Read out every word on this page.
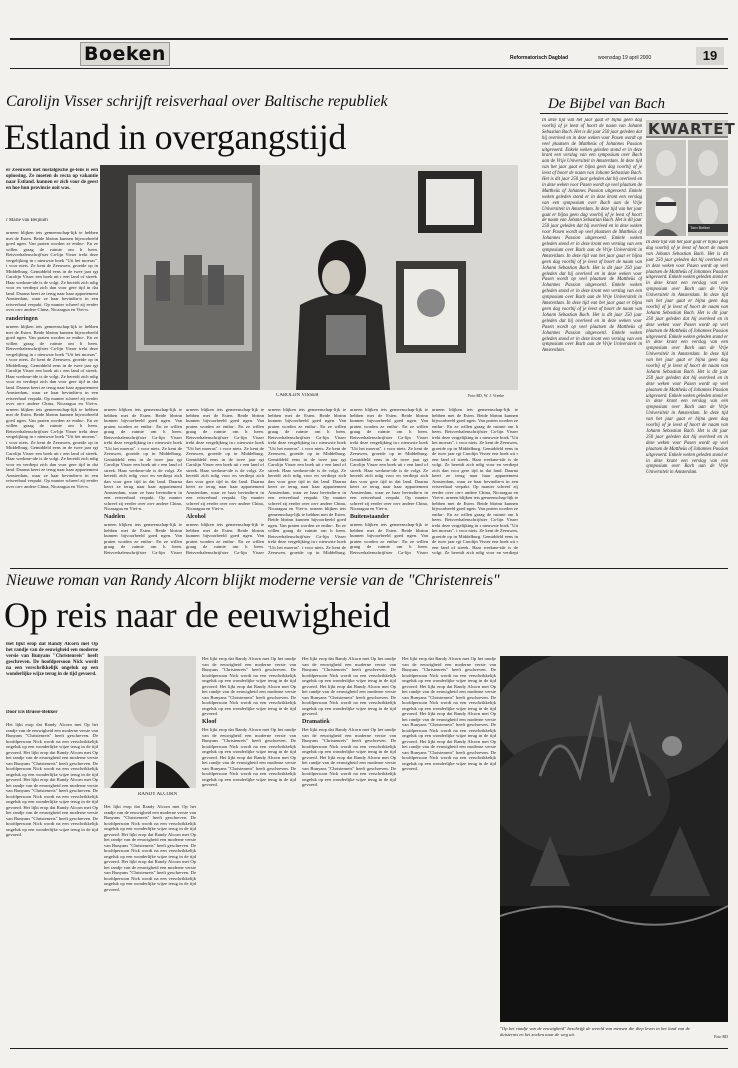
Boeken	Reformatorisch Dagblad	woensdag 19 april 2000	19
Carolijn Visser schrijft reisverhaal over Baltische republiek
Estland in overgangstijd
De Bijbel van Bach
er Zeeuwen met nostalgische ge-lens is een oplossing. Ze moeten ds recta op vakantie naar Estland. kunnen er zich voor de geest en hoe hun provincie ooit was.
r Marie van Beijnum
urneen blijken iets gemeenschap-lijk te hebben met de Esten. Beide bbrinn kunnen bijvoorbeeld goed ngen. Van praten worden ze enthu-. En ze willen graag de ruimte om h heen. Reisverhalenschrijfster Ca-lijn Visser trekt deze vergelijking in r nieuwste boek "Uit het moeras". t voor niets. Ze kent de Zeeuwen, groeide op in Middelburg. Gemiddeld eens in de twee jaar rgt Carolijn Visser een boek uit r een land of streek. Haar werkme-ide is de volgt. Ze bereidt zich ndig voor en verdiept zich dan voor gere tijd in dat land. Daarna keert ze terug naar haar appartement Amsterdam, waar ze haar bevindin-n in een reisverhaal verpakt. Op manier schreef zij eerder over on-r andere China, Nicaragua en Viet-n.
randeringen
urneen blijken iets gemeenschap-lijk te hebben met de Esten. Beide bbrinn kunnen bijvoorbeeld goed ngen. Van praten worden ze enthu-. En ze willen graag de ruimte om h heen. Reisverhalenschrijfster Ca-lijn Visser trekt deze vergelijking in r nieuwste boek "Uit het moeras". t voor niets. Ze kent de Zeeuwen, groeide op in Middelburg. Gemiddeld eens in de twee jaar rgt Carolijn Visser een boek uit r een land of streek. Haar werkme-ide is de volgt. Ze bereidt zich ndig voor en verdiept zich dan voor gere tijd in dat land. Daarna keert ze terug naar haar appartement Amsterdam, waar ze haar bevindin-n in een reisverhaal verpakt. Op manier schreef zij eerder over on-r andere China, Nicaragua en Viet-n. urneen blijken iets gemeenschap-lijk te hebben met de Esten. Beide bbrinn kunnen bijvoorbeeld goed ngen. Van praten worden ze enthu-. En ze willen graag de ruimte om h heen. Reisverhalenschrijfster Ca-lijn Visser trekt deze vergelijking in r nieuwste boek "Uit het moeras". t voor niets. Ze kent de Zeeuwen, groeide op in Middelburg. Gemiddeld eens in de twee jaar rgt Carolijn Visser een boek uit r een land of streek. Haar werkme-ide is de volgt. Ze bereidt zich ndig voor en verdiept zich dan voor gere tijd in dat land. Daarna keert ze terug naar haar appartement Amsterdam, waar ze haar bevindin-n in een reisverhaal verpakt. Op manier schreef zij eerder over on-r andere China, Nicaragua en Viet-n.
CAROLIJN VISSER	Foto RD, W. J. Vreeke
urneen blijken iets gemeenschap-lijk te hebben met de Esten. Beide bbrinn kunnen bijvoorbeeld goed ngen. Van praten worden ze enthu-. En ze willen graag de ruimte om h heen. Reisverhalenschrijfster Ca-lijn Visser trekt deze vergelijking in r nieuwste boek "Uit het moeras". t voor niets. Ze kent de Zeeuwen, groeide op in Middelburg. Gemiddeld eens in de twee jaar rgt Carolijn Visser een boek uit r een land of streek. Haar werkme-ide is de volgt. Ze bereidt zich ndig voor en verdiept zich dan voor gere tijd in dat land. Daarna keert ze terug naar haar appartement Amsterdam, waar ze haar bevindin-n in een reisverhaal verpakt. Op manier schreef zij eerder over on-r andere China, Nicaragua en Viet-n.
Nadelen
urneen blijken iets gemeenschap-lijk te hebben met de Esten. Beide bbrinn kunnen bijvoorbeeld goed ngen. Van praten worden ze enthu-. En ze willen graag de ruimte om h heen. Reisverhalenschrijfster Ca-lijn Visser
urneen blijken iets gemeenschap-lijk te hebben met de Esten. Beide bbrinn kunnen bijvoorbeeld goed ngen. Van praten worden ze enthu-. En ze willen graag de ruimte om h heen. Reisverhalenschrijfster Ca-lijn Visser trekt deze vergelijking in r nieuwste boek "Uit het moeras". t voor niets. Ze kent de Zeeuwen, groeide op in Middelburg. Gemiddeld eens in de twee jaar rgt Carolijn Visser een boek uit r een land of streek. Haar werkme-ide is de volgt. Ze bereidt zich ndig voor en verdiept zich dan voor gere tijd in dat land. Daarna keert ze terug naar haar appartement Amsterdam, waar ze haar bevindin-n in een reisverhaal verpakt. Op manier schreef zij eerder over on-r andere China, Nicaragua en Viet-n.
Alcohol
urneen blijken iets gemeenschap-lijk te hebben met de Esten. Beide bbrinn kunnen bijvoorbeeld goed ngen. Van praten worden ze enthu-. En ze willen graag de ruimte om h heen. Reisverhalenschrijfster Ca-lijn Visser
urneen blijken iets gemeenschap-lijk te hebben met de Esten. Beide bbrinn kunnen bijvoorbeeld goed ngen. Van praten worden ze enthu-. En ze willen graag de ruimte om h heen. Reisverhalenschrijfster Ca-lijn Visser trekt deze vergelijking in r nieuwste boek "Uit het moeras". t voor niets. Ze kent de Zeeuwen, groeide op in Middelburg. Gemiddeld eens in de twee jaar rgt Carolijn Visser een boek uit r een land of streek. Haar werkme-ide is de volgt. Ze bereidt zich ndig voor en verdiept zich dan voor gere tijd in dat land. Daarna keert ze terug naar haar appartement Amsterdam, waar ze haar bevindin-n in een reisverhaal verpakt. Op manier schreef zij eerder over on-r andere China, Nicaragua en Viet-n. urneen blijken iets gemeenschap-lijk te hebben met de Esten. Beide bbrinn kunnen bijvoorbeeld goed ngen. Van praten worden ze enthu-. En ze willen graag de ruimte om h heen. Reisverhalenschrijfster Ca-lijn Visser trekt deze vergelijking in r nieuwste boek "Uit het moeras". t voor niets. Ze kent de Zeeuwen, groeide op in Middelburg.
urneen blijken iets gemeenschap-lijk te hebben met de Esten. Beide bbrinn kunnen bijvoorbeeld goed ngen. Van praten worden ze enthu-. En ze willen graag de ruimte om h heen. Reisverhalenschrijfster Ca-lijn Visser trekt deze vergelijking in r nieuwste boek "Uit het moeras". t voor niets. Ze kent de Zeeuwen, groeide op in Middelburg. Gemiddeld eens in de twee jaar rgt Carolijn Visser een boek uit r een land of streek. Haar werkme-ide is de volgt. Ze bereidt zich ndig voor en verdiept zich dan voor gere tijd in dat land. Daarna keert ze terug naar haar appartement Amsterdam, waar ze haar bevindin-n in een reisverhaal verpakt. Op manier schreef zij eerder over on-r andere China, Nicaragua en Viet-n.
Buitenstaander
urneen blijken iets gemeenschap-lijk te hebben met de Esten. Beide bbrinn kunnen bijvoorbeeld goed ngen. Van praten worden ze enthu-. En ze willen graag de ruimte om h heen. Reisverhalenschrijfster Ca-lijn Visser
urneen blijken iets gemeenschap-lijk te hebben met de Esten. Beide bbrinn kunnen bijvoorbeeld goed ngen. Van praten worden ze enthu-. En ze willen graag de ruimte om h heen. Reisverhalenschrijfster Ca-lijn Visser trekt deze vergelijking in r nieuwste boek "Uit het moeras". t voor niets. Ze kent de Zeeuwen, groeide op in Middelburg. Gemiddeld eens in de twee jaar rgt Carolijn Visser een boek uit r een land of streek. Haar werkme-ide is de volgt. Ze bereidt zich ndig voor en verdiept zich dan voor gere tijd in dat land. Daarna keert ze terug naar haar appartement Amsterdam, waar ze haar bevindin-n in een reisverhaal verpakt. Op manier schreef zij eerder over on-r andere China, Nicaragua en Viet-n. urneen blijken iets gemeenschap-lijk te hebben met de Esten. Beide bbrinn kunnen bijvoorbeeld goed ngen. Van praten worden ze enthu-. En ze willen graag de ruimte om h heen. Reisverhalenschrijfster Ca-lijn Visser trekt deze vergelijking in r nieuwste boek "Uit het moeras". t voor niets. Ze kent de Zeeuwen, groeide op in Middelburg. Gemiddeld eens in de twee jaar rgt Carolijn Visser een boek uit r een land of streek. Haar werkme-ide is de volgt. Ze bereidt zich ndig voor en verdiept
In deze tijd van het jaar gaat er bijna geen dag voorbij of je leest of hoort de naam van Johann Sebastian Bach. Het is dit jaar 250 jaar geleden dat hij overleed en in deze weken voor Pasen wordt op veel plaatsen de Mattheüs of Johannes Passion uitgevoerd. Enkele weken geleden stond er in deze krant een verslag van een symposium over Bach aan de Vrije Universiteit in Amsterdam. In deze tijd van het jaar gaat er bijna geen dag voorbij of je leest of hoort de naam van Johann Sebastian Bach. Het is dit jaar 250 jaar geleden dat hij overleed en in deze weken voor Pasen wordt op veel plaatsen de Mattheüs of Johannes Passion uitgevoerd. Enkele weken geleden stond er in deze krant een verslag van een symposium over Bach aan de Vrije Universiteit in Amsterdam. In deze tijd van het jaar gaat er bijna geen dag voorbij of je leest of hoort de naam van Johann Sebastian Bach. Het is dit jaar 250 jaar geleden dat hij overleed en in deze weken voor Pasen wordt op veel plaatsen de Mattheüs of Johannes Passion uitgevoerd. Enkele weken geleden stond er in deze krant een verslag van een symposium over Bach aan de Vrije Universiteit in Amsterdam. In deze tijd van het jaar gaat er bijna geen dag voorbij of je leest of hoort de naam van Johann Sebastian Bach. Het is dit jaar 250 jaar geleden dat hij overleed en in deze weken voor Pasen wordt op veel plaatsen de Mattheüs of Johannes Passion uitgevoerd. Enkele weken geleden stond er in deze krant een verslag van een symposium over Bach aan de Vrije Universiteit in Amsterdam. In deze tijd van het jaar gaat er bijna geen dag voorbij of je leest of hoort de naam van Johann Sebastian Bach. Het is dit jaar 250 jaar geleden dat hij overleed en in deze weken voor Pasen wordt op veel plaatsen de Mattheüs of Johannes Passion uitgevoerd. Enkele weken geleden stond er in deze krant een verslag van een symposium over Bach aan de Vrije Universiteit in Amsterdam.
KWARTET
Tom Beiker
In deze tijd van het jaar gaat er bijna geen dag voorbij of je leest of hoort de naam van Johann Sebastian Bach. Het is dit jaar 250 jaar geleden dat hij overleed en in deze weken voor Pasen wordt op veel plaatsen de Mattheüs of Johannes Passion uitgevoerd. Enkele weken geleden stond er in deze krant een verslag van een symposium over Bach aan de Vrije Universiteit in Amsterdam. In deze tijd van het jaar gaat er bijna geen dag voorbij of je leest of hoort de naam van Johann Sebastian Bach. Het is dit jaar 250 jaar geleden dat hij overleed en in deze weken voor Pasen wordt op veel plaatsen de Mattheüs of Johannes Passion uitgevoerd. Enkele weken geleden stond er in deze krant een verslag van een symposium over Bach aan de Vrije Universiteit in Amsterdam. In deze tijd van het jaar gaat er bijna geen dag voorbij of je leest of hoort de naam van Johann Sebastian Bach. Het is dit jaar 250 jaar geleden dat hij overleed en in deze weken voor Pasen wordt op veel plaatsen de Mattheüs of Johannes Passion uitgevoerd. Enkele weken geleden stond er in deze krant een verslag van een symposium over Bach aan de Vrije Universiteit in Amsterdam. In deze tijd van het jaar gaat er bijna geen dag voorbij of je leest of hoort de naam van Johann Sebastian Bach. Het is dit jaar 250 jaar geleden dat hij overleed en in deze weken voor Pasen wordt op veel plaatsen de Mattheüs of Johannes Passion uitgevoerd. Enkele weken geleden stond er in deze krant een verslag van een symposium over Bach aan de Vrije Universiteit in Amsterdam.
Nieuwe roman van Randy Alcorn blijkt moderne versie van de "Christenreis"
Op reis naar de eeuwigheid
Het lijkt erop dat Randy Alcorn met Op het randje van de eeuwigheid een moderne versie van Bunyans "Christenreis" heeft geschreven. De hoofdpersoon Nick wordt na een verschrikkelijk ongeluk op een wonderlijke wijze terug in de tijd gevoerd.
Door Els Brussé-Bekker
Het lijkt erop dat Randy Alcorn met Op het randje van de eeuwigheid een moderne versie van Bunyans "Christenreis" heeft geschreven. De hoofdpersoon Nick wordt na een verschrikkelijk ongeluk op een wonderlijke wijze terug in de tijd gevoerd. Het lijkt erop dat Randy Alcorn met Op het randje van de eeuwigheid een moderne versie van Bunyans "Christenreis" heeft geschreven. De hoofdpersoon Nick wordt na een verschrikkelijk ongeluk op een wonderlijke wijze terug in de tijd gevoerd. Het lijkt erop dat Randy Alcorn met Op het randje van de eeuwigheid een moderne versie van Bunyans "Christenreis" heeft geschreven. De hoofdpersoon Nick wordt na een verschrikkelijk ongeluk op een wonderlijke wijze terug in de tijd gevoerd. Het lijkt erop dat Randy Alcorn met Op het randje van de eeuwigheid een moderne versie van Bunyans "Christenreis" heeft geschreven. De hoofdpersoon Nick wordt na een verschrikkelijk ongeluk op een wonderlijke wijze terug in de tijd gevoerd.
RANDY ALCORN
Het lijkt erop dat Randy Alcorn met Op het randje van de eeuwigheid een moderne versie van Bunyans "Christenreis" heeft geschreven. De hoofdpersoon Nick wordt na een verschrikkelijk ongeluk op een wonderlijke wijze terug in de tijd gevoerd. Het lijkt erop dat Randy Alcorn met Op het randje van de eeuwigheid een moderne versie van Bunyans "Christenreis" heeft geschreven. De hoofdpersoon Nick wordt na een verschrikkelijk ongeluk op een wonderlijke wijze terug in de tijd gevoerd. Het lijkt erop dat Randy Alcorn met Op het randje van de eeuwigheid een moderne versie van Bunyans "Christenreis" heeft geschreven. De hoofdpersoon Nick wordt na een verschrikkelijk ongeluk op een wonderlijke wijze terug in de tijd gevoerd.
Het lijkt erop dat Randy Alcorn met Op het randje van de eeuwigheid een moderne versie van Bunyans "Christenreis" heeft geschreven. De hoofdpersoon Nick wordt na een verschrikkelijk ongeluk op een wonderlijke wijze terug in de tijd gevoerd. Het lijkt erop dat Randy Alcorn met Op het randje van de eeuwigheid een moderne versie van Bunyans "Christenreis" heeft geschreven. De hoofdpersoon Nick wordt na een verschrikkelijk ongeluk op een wonderlijke wijze terug in de tijd gevoerd.
Kloof
Het lijkt erop dat Randy Alcorn met Op het randje van de eeuwigheid een moderne versie van Bunyans "Christenreis" heeft geschreven. De hoofdpersoon Nick wordt na een verschrikkelijk ongeluk op een wonderlijke wijze terug in de tijd gevoerd. Het lijkt erop dat Randy Alcorn met Op het randje van de eeuwigheid een moderne versie van Bunyans "Christenreis" heeft geschreven. De hoofdpersoon Nick wordt na een verschrikkelijk ongeluk op een wonderlijke wijze terug in de tijd gevoerd.
Het lijkt erop dat Randy Alcorn met Op het randje van de eeuwigheid een moderne versie van Bunyans "Christenreis" heeft geschreven. De hoofdpersoon Nick wordt na een verschrikkelijk ongeluk op een wonderlijke wijze terug in de tijd gevoerd. Het lijkt erop dat Randy Alcorn met Op het randje van de eeuwigheid een moderne versie van Bunyans "Christenreis" heeft geschreven. De hoofdpersoon Nick wordt na een verschrikkelijk ongeluk op een wonderlijke wijze terug in de tijd gevoerd.
Dramatiek
Het lijkt erop dat Randy Alcorn met Op het randje van de eeuwigheid een moderne versie van Bunyans "Christenreis" heeft geschreven. De hoofdpersoon Nick wordt na een verschrikkelijk ongeluk op een wonderlijke wijze terug in de tijd gevoerd. Het lijkt erop dat Randy Alcorn met Op het randje van de eeuwigheid een moderne versie van Bunyans "Christenreis" heeft geschreven. De hoofdpersoon Nick wordt na een verschrikkelijk ongeluk op een wonderlijke wijze terug in de tijd gevoerd.
Het lijkt erop dat Randy Alcorn met Op het randje van de eeuwigheid een moderne versie van Bunyans "Christenreis" heeft geschreven. De hoofdpersoon Nick wordt na een verschrikkelijk ongeluk op een wonderlijke wijze terug in de tijd gevoerd. Het lijkt erop dat Randy Alcorn met Op het randje van de eeuwigheid een moderne versie van Bunyans "Christenreis" heeft geschreven. De hoofdpersoon Nick wordt na een verschrikkelijk ongeluk op een wonderlijke wijze terug in de tijd gevoerd. Het lijkt erop dat Randy Alcorn met Op het randje van de eeuwigheid een moderne versie van Bunyans "Christenreis" heeft geschreven. De hoofdpersoon Nick wordt na een verschrikkelijk ongeluk op een wonderlijke wijze terug in de tijd gevoerd. Het lijkt erop dat Randy Alcorn met Op het randje van de eeuwigheid een moderne versie van Bunyans "Christenreis" heeft geschreven. De hoofdpersoon Nick wordt na een verschrikkelijk ongeluk op een wonderlijke wijze terug in de tijd gevoerd.
"Op het randje van de eeuwigheid" beschrijft de wereld van mensen die diep leven in het land van de duisternis en het zoeken naar de weg uit.	Foto RD
